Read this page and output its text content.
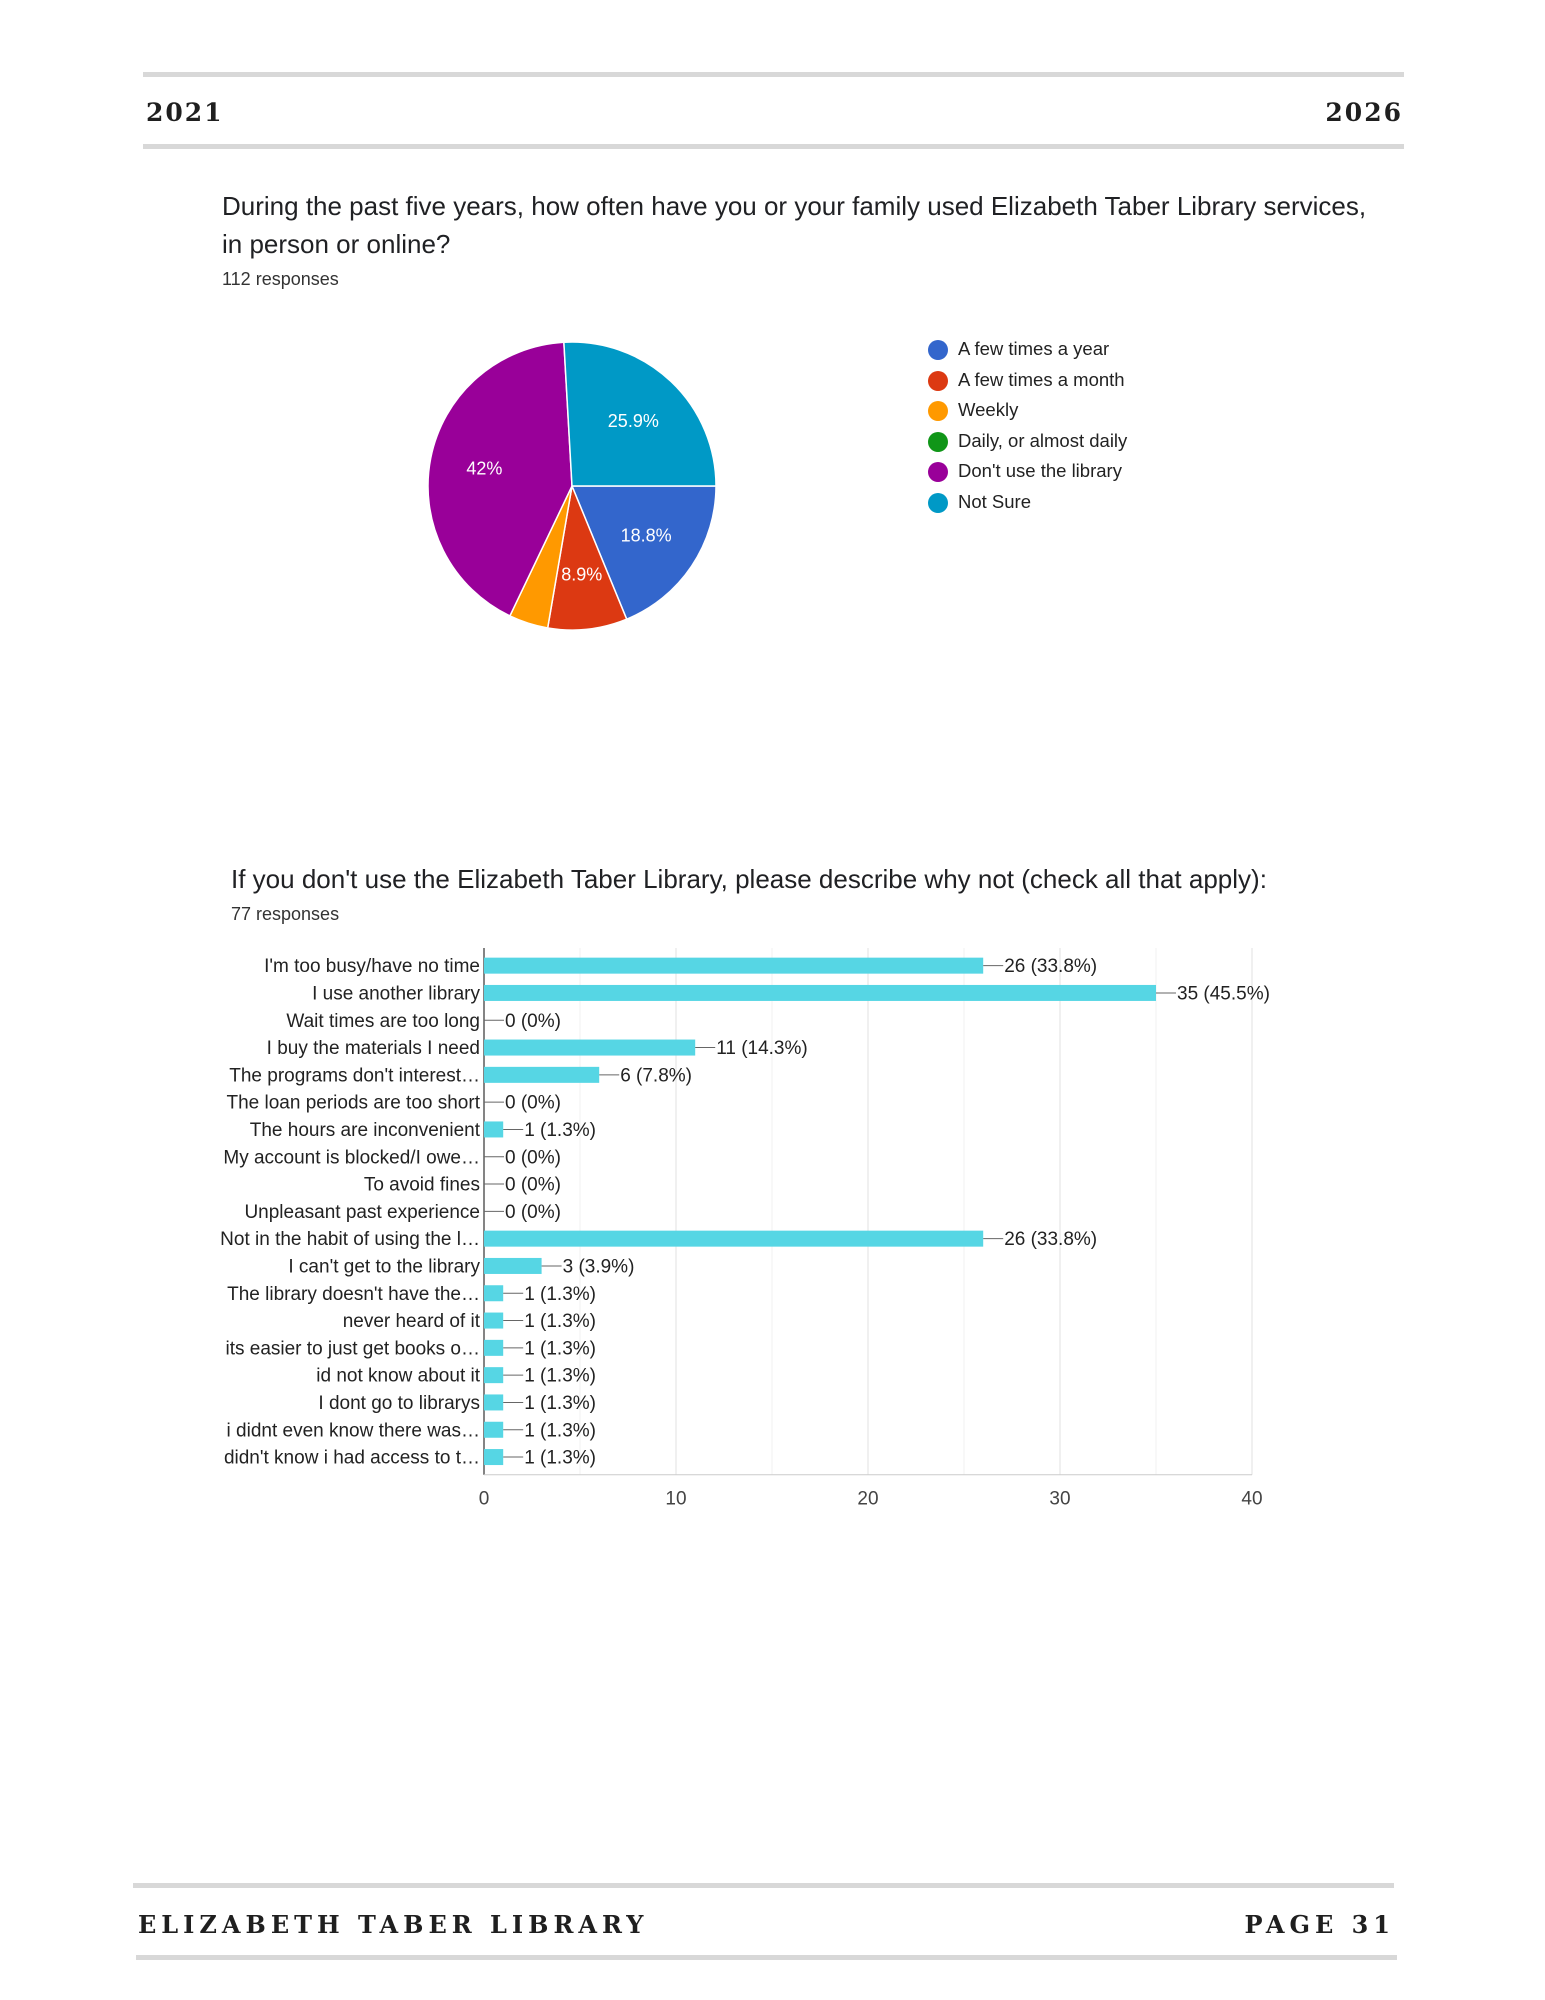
2021	2026
During the past five years, how often have you or your family used Elizabeth Taber Library services,
in person or online?
112 responses
18.8%
8.9%
42%
25.9%
A few times a year
A few times a month
Weekly
Daily, or almost daily
Don't use the library
Not Sure
If you don't use the Elizabeth Taber Library, please describe why not (check all that apply):
77 responses
I'm too busy/have no time
I use another library
Wait times are too long
I buy the materials I need
The programs don't interest…
The loan periods are too short
The hours are inconvenient
My account is blocked/I owe…
To avoid fines
Unpleasant past experience
Not in the habit of using the l…
I can't get to the library
The library doesn't have the…
never heard of it
its easier to just get books o…
id not know about it
I dont go to librarys
i didnt even know there was…
didn't know i had access to t…
26 (33.8%)
35 (45.5%)
0 (0%)
11 (14.3%)
6 (7.8%)
0 (0%)
1 (1.3%)
0 (0%)
0 (0%)
0 (0%)
26 (33.8%)
3 (3.9%)
1 (1.3%)
1 (1.3%)
1 (1.3%)
1 (1.3%)
1 (1.3%)
1 (1.3%)
1 (1.3%)
0	10	20	30	40
ELIZABETH TABER LIBRARY	PAGE 31
